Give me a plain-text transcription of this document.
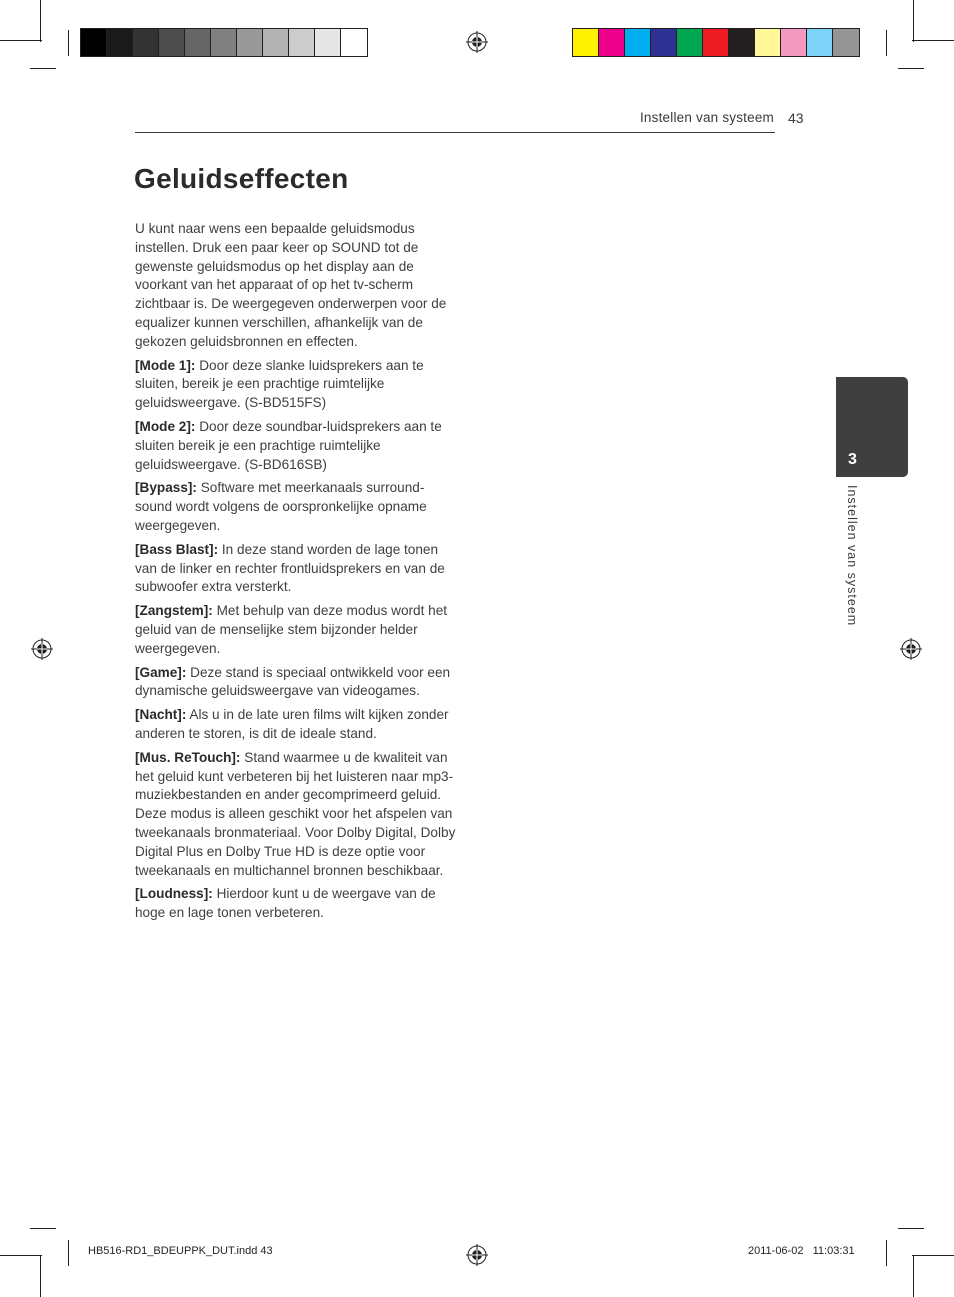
Instellen van systeem 43
Geluidseffecten

U kunt naar wens een bepaalde geluidsmodus instellen. Druk een paar keer op SOUND tot de gewenste geluidsmodus op het display aan de voorkant van het apparaat of op het tv-scherm zichtbaar is. De weergegeven onderwerpen voor de equalizer kunnen verschillen, afhankelijk van de gekozen geluidsbronnen en effecten.

[Mode 1]: Door deze slanke luidsprekers aan te sluiten, bereik je een prachtige ruimtelijke geluidsweergave. (S-BD515FS)

[Mode 2]: Door deze soundbar-luidsprekers aan te sluiten bereik je een prachtige ruimtelijke geluidsweergave. (S-BD616SB)

[Bypass]: Software met meerkanaals surround-sound wordt volgens de oorspronkelijke opname weergegeven.

[Bass Blast]: In deze stand worden de lage tonen van de linker en rechter frontluidsprekers en van de subwoofer extra versterkt.

[Zangstem]: Met behulp van deze modus wordt het geluid van de menselijke stem bijzonder helder weergegeven.

[Game]: Deze stand is speciaal ontwikkeld voor een dynamische geluidsweergave van videogames.

[Nacht]: Als u in de late uren films wilt kijken zonder anderen te storen, is dit de ideale stand.

[Mus. ReTouch]: Stand waarmee u de kwaliteit van het geluid kunt verbeteren bij het luisteren naar mp3-muziekbestanden en ander gecomprimeerd geluid. Deze modus is alleen geschikt voor het afspelen van tweekanaals bronmateriaal. Voor Dolby Digital, Dolby Digital Plus en Dolby True HD is deze optie voor tweekanaals en multichannel bronnen beschikbaar.

[Loudness]: Hierdoor kunt u de weergave van de hoge en lage tonen verbeteren.

3
Instellen van systeem
HB516-RD1_BDEUPPK_DUT.indd 43	2011-06-02   11:03:31
